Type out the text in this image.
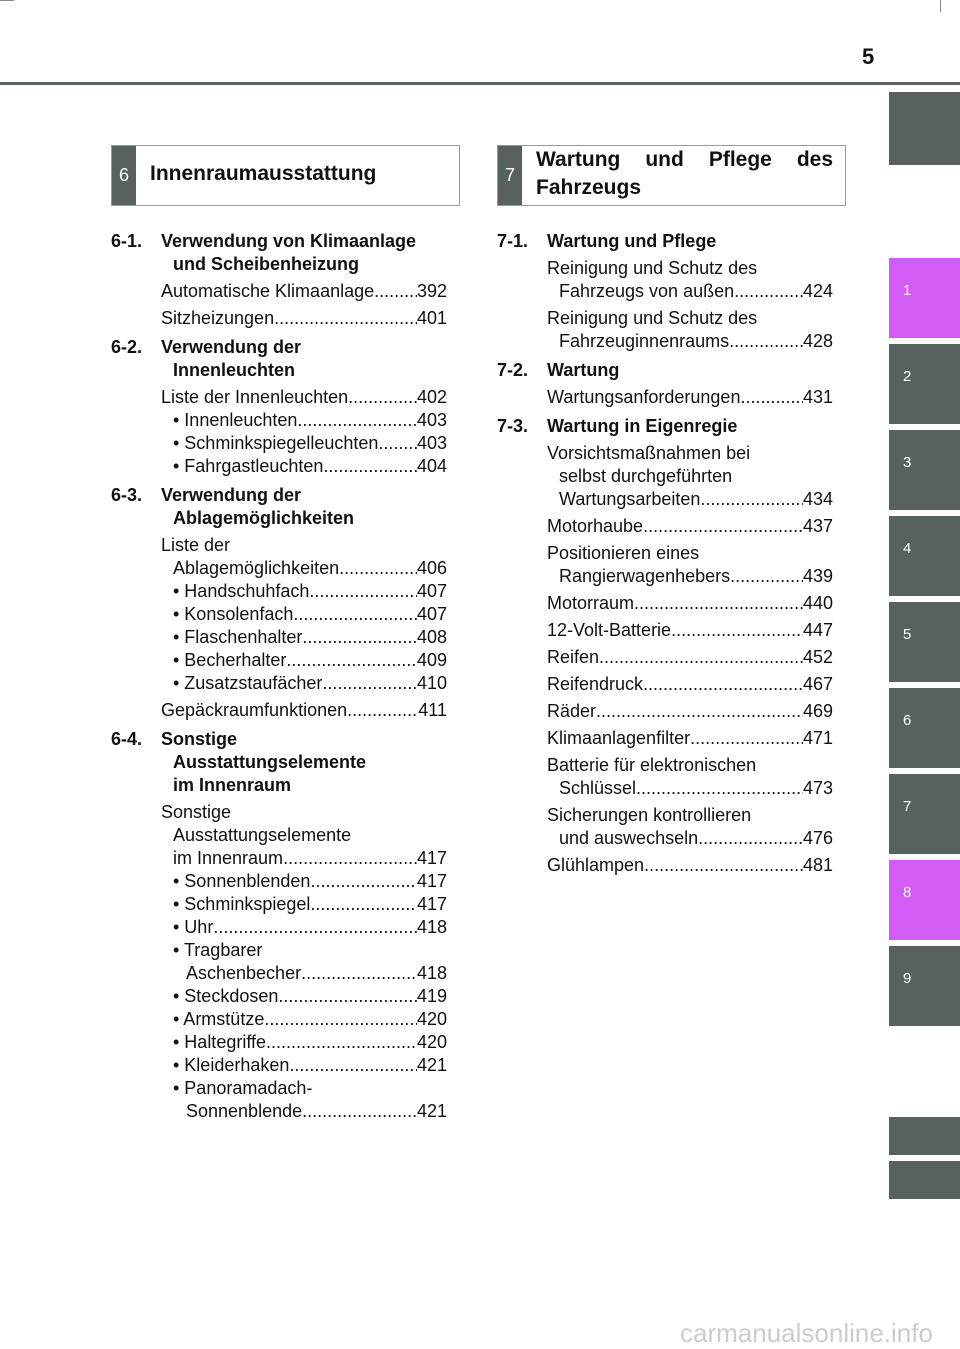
5
1
2
3
4
5
6
7
8
9
6	Innenraumausstattung	7
Wartung und Pflege des Fahrzeugs
6-1.	Verwendung von Klimaanlage
und Scheibenheizung
Automatische Klimaanlage ..... 392
Sitzheizungen .....	401
6-2.	Verwendung der
Innenleuchten
Liste der Innenleuchten .....	402
• Innenleuchten .....	403
• Schminkspiegelleuchten ..... 403
• Fahrgastleuchten .....	404
6-3.	Verwendung der
Ablagemöglichkeiten
Liste der
Ablagemöglichkeiten .....	406
• Handschuhfach .....	407
• Konsolenfach .....	407
• Flaschenhalter .....	408
• Becherhalter .....	409
• Zusatzstaufächer .....	410
Gepäckraumfunktionen .....	411
6-4.	Sonstige
Ausstattungselemente
im Innenraum
Sonstige
Ausstattungselemente
im Innenraum .....	417
• Sonnenblenden .....	417
• Schminkspiegel .....	417
• Uhr .....	418
• Tragbarer
Aschenbecher .....	418
• Steckdosen .....	419
• Armstütze .....	420
• Haltegriffe .....	420
• Kleiderhaken .....	421
• Panoramadach-
Sonnenblende .....	421
7-1.	Wartung und Pflege
Reinigung und Schutz des
Fahrzeugs von außen .....	424
Reinigung und Schutz des
Fahrzeuginnenraums .....	428
7-2.	Wartung
Wartungsanforderungen .....	431
7-3.	Wartung in Eigenregie
Vorsichtsmaßnahmen bei
selbst durchgeführten
Wartungsarbeiten .....	434
Motorhaube .....	437
Positionieren eines
Rangierwagenhebers .....	439
Motorraum .....	440
12-Volt-Batterie .....	447
Reifen .....	452
Reifendruck .....	467
Räder .....	469
Klimaanlagenfilter .....	471
Batterie für elektronischen
Schlüssel .....	473
Sicherungen kontrollieren
und auswechseln .....	476
Glühlampen .....	481
carmanualsonline.info
